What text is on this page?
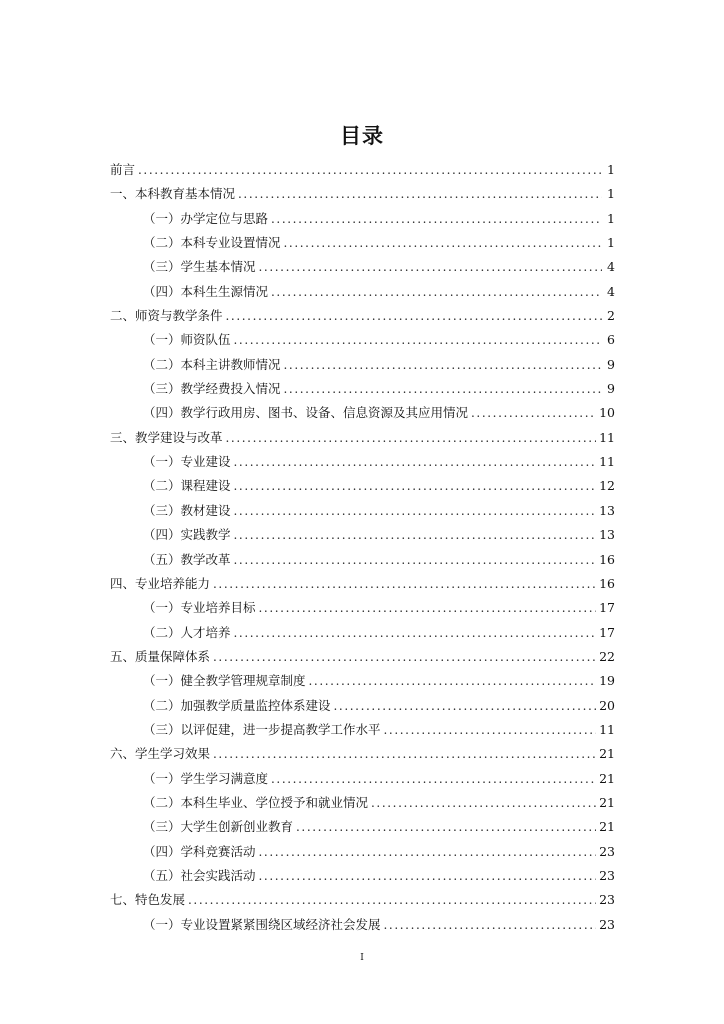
目录
前言 .....	1
一、本科教育基本情况 .....	1
（一）办学定位与思路 .....	1
（二）本科专业设置情况 .....	1
（三）学生基本情况 .....	4
（四）本科生生源情况 .....	4
二、师资与教学条件 .....	2
（一）师资队伍 .....	6
（二）本科主讲教师情况 .....	9
（三）教学经费投入情况 .....	9
（四）教学行政用房、图书、设备、信息资源及其应用情况 .....	10
三、教学建设与改革 .....	11
（一）专业建设 .....	11
（二）课程建设 .....	12
（三）教材建设 .....	13
（四）实践教学 .....	13
（五）教学改革 .....	16
四、专业培养能力 .....	16
（一）专业培养目标 .....	17
（二）人才培养 .....	17
五、质量保障体系 .....	22
（一）健全教学管理规章制度 .....	19
（二）加强教学质量监控体系建设 .....	20
（三）以评促建，进一步提高教学工作水平 .....	11
六、学生学习效果 .....	21
（一）学生学习满意度 .....	21
（二）本科生毕业、学位授予和就业情况 .....	21
（三）大学生创新创业教育 .....	21
（四）学科竞赛活动 .....	23
（五）社会实践活动 .....	23
七、特色发展 .....	23
（一）专业设置紧紧围绕区域经济社会发展 .....	23
I
